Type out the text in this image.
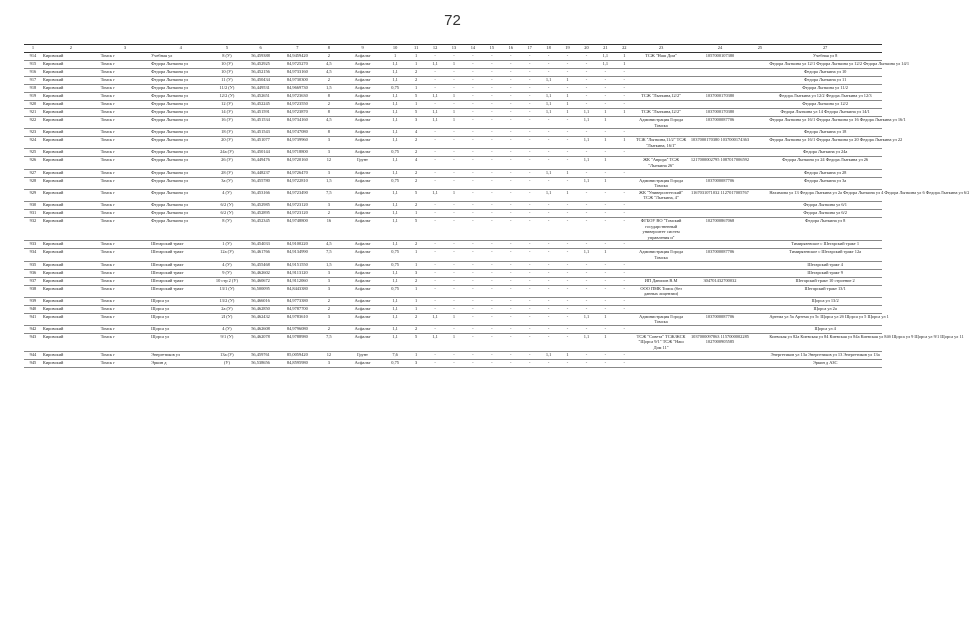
72
1	2	3	4	5	6	7	8	9	10	11	12	13	14	15	16	17	18	19	20	21	22	23	24	25	27
914	Кировский	Томск г	Учебная ул	8 (У)	56,459388	84,9459420	2	Асфальт	1	1	-	-	-	-	-	-	-	-	-	1,1	1	ТСЖ "Наш Дом"	1057000107380		Учебная ул 8
915	Кировский	Томск г	Федора Лыткина ул	10 (У)	56,452925	84,9725270	4,5	Асфальт	1,1	1	1,1	1	-	-	-	-	-	-	-	1,1	1				Федора Лыткина ул 12/1 Федора Лыткина ул 12/2 Федора Лыткина ул 14/1
916	Кировский	Томск г	Федора Лыткина ул	10 (У)	56,452156	84,9733160	4,5	Асфальт	1,1	2	-	-	-	-	-	-	-	-	-	-	-				Федора Лыткина ул 10
917	Кировский	Томск г	Федора Лыткина ул	11 (У)	56,450434	84,9730300	2	Асфальт	1,1	2	-	-	-	-	-	-	1,1	1	-	-	-				Федора Лыткина ул 11
918	Кировский	Томск г	Федора Лыткина ул	11/2 (У)	56,449531	84,9669730	1,5	Асфальт	0,75	1	-	-	-	-	-	-	-	-	-	-	-				Федора Лыткина ул 11/2
919	Кировский	Томск г	Федора Лыткина ул	12/2 (У)	56,452651	84,9723630	8	Асфальт	1,1	5	1,1	1	-	-	-	-	1,1	1	-	-	-	ТСЖ "Лыткина,12/2"	1037000170380		Федора Лыткина ул 12/2 Федора Лыткина ул 12/3
920	Кировский	Томск г	Федора Лыткина ул	12 (У)	56,452245	84,9723550	2	Асфальт	1,1	1	-	-	-	-	-	-	1,1	1	-	-	-				Федора Лыткина ул 12/2
921	Кировский	Томск г	Федора Лыткина ул	14 (У)	56,451591	84,9723870	8	Асфальт	1,1	5	1,1	1	-	-	-	-	1,1	1	1,1	1	1	ТСЖ "Лыткина,12/2"	1037000170380		Федора Лыткина ул 14 Федора Лыткина ул 14/1
922	Кировский	Томск г	Федора Лыткина ул	16 (У)	56,451534	84,9734160	4,5	Асфальт	1,1	3	1,1	1	-	-	-	-	-	-	1,1	1		Администрация Города Томска	1037000087706		Федора Лыткина ул 16/1 Федора Лыткина ул 16 Федора Лыткина ул 16/1
923	Кировский	Томск г	Федора Лыткина ул	18 (У)	56,451543	84,9747080	8	Асфальт	1,1	4	-	-	-	-	-	-	-	-	-	-	-				Федора Лыткина ул 18
924	Кировский	Томск г	Федора Лыткина ул	20 (У)	56,451077	84,9739960	3	Асфальт	1,1	2	-	-	-	-	-	-	-	-	1,1	1	1	ТСЖ "Лыткина,11/2" ТСЖ "Лыткина, 16/1"	1037000170380 1037000174363		Федора Лыткина ул 16/1 Федора Лыткина ул 20 Федора Лыткина ул 22
925	Кировский	Томск г	Федора Лыткина ул	24a (У)	56,450144	84,9718800	3	Асфальт	0,75	2	-	-	-	-	-	-	-	-	-	-	-				Федора Лыткина ул 24a
926	Кировский	Томск г	Федора Лыткина ул	26 (У)	56,449476	84,9720160	12	Грунт	1,1	4	-	-	-	-	-	-	-	-	1,1	1		ЖК "Аврора" ТСЖ "Лыткина 26"	1217000002795 1087017006592		Федора Лыткина ул 24 Федора Лыткина ул 26
927	Кировский	Томск г	Федора Лыткина ул	28 (У)	56,448237	84,9726470	3	Асфальт	1,1	2	-	-	-	-	-	-	1,1	1	-	-	-				Федора Лыткина ул 28
928	Кировский	Томск г	Федора Лыткина ул	3a (У)	56,455780	84,9722810	1,5	Асфальт	0,75	2	-	-	-	-	-	-	-	-	1,1	1		Администрация Города Томска	1037000087706		Федора Лыткина ул 3a
929	Кировский	Томск г	Федора Лыткина ул	4 (У)	56,453166	84,9723490	7,5	Асфальт	1,1	5	1,1	1	-	-	-	-	1,1	1	-	-	-	ЖК "Университетский" ТСЖ "Лыткина, 4"	1167031071032 1127017005767		Нахимова ул 13 Федора Лыткина ул 2a Федора Лыткина ул 4 Федора Лыткина ул 6 Федора Лыткина ул 6/2
930	Кировский	Томск г	Федора Лыткина ул	6/2 (У)	56,452985	84,9723120	3	Асфальт	1,1	2	-	-	-	-	-	-	-	-	-	-	-				Федора Лыткина ул 6/1
931	Кировский	Томск г	Федора Лыткина ул	6/2 (У)	56,452895	84,9723120	2	Асфальт	1,1	1	-	-	-	-	-	-	-	-	-	-	-				Федора Лыткина ул 6/2
932	Кировский	Томск г	Федора Лыткина ул	8 (У)	56,452345	84,9748800	16	Асфальт	1,1	5	-	-	-	-	-	-	-	-	-	-	-	ФГБОУ ВО "Томский государственный университет систем управления и"	1027000867068		Федора Лыткина ул 8
933	Кировский	Томск г	Шегарский тракт	1 (У)	56,454033	84,9100220	4,5	Асфальт	1,1	2	-	-	-	-	-	-	-	-	-	-	-				Тимирязевское с Шегарский тракт 1
934	Кировский	Томск г	Шегарский тракт	12a (У)	56,461766	84,9134990	7,5	Асфальт	0,75	1	-	-	-	-	-	-	-	-	1,1	1		Администрация Города Томска	1037000087706		Тимирязевское с Шегарский тракт 12a
935	Кировский	Томск г	Шегарский тракт	4 (У)	56,455468	84,9151550	1,5	Асфальт	0,75	1	-	-	-	-	-	-	-	-	-	-	-				Шегарский тракт 4
936	Кировский	Томск г	Шегарский тракт	9 (У)	56,462602	84,9113120	3	Асфальт	1,1	3	-	-	-	-	-	-	-	-	-	-	-				Шегарский тракт 9
937	Кировский	Томск г	Шегарский тракт	10 стр 2 (У)	56,460672	84,9112060	3	Асфальт	1,1	2	-	-	-	-	-	-	-	-	-	-	-	ИП Данилов В.М	304701432700032		Шегарский тракт 10 строение 2
938	Кировский	Томск г	Шегарский тракт	13/1 (У)	56,500095	84,8443380	3	Асфальт	0,75	1	-	-	-	-	-	-	-	-	-	-	-	ООО ПМК Томск (без данных лицензии)			Шегарский тракт 13/1
939	Кировский	Томск г	Щорса ул	13/2 (У)	56,466016	84,9773380	2	Асфальт	1,1	1	-	-	-	-	-	-	-	-	-	-	-				Щорса ул 13/2
940	Кировский	Томск г	Щорса ул	2a (У)	56,462850	84,9787700	2	Асфальт	1,1	1	-	-	-	-	-	-	-	-	-	-	-				Щорса ул 2a
941	Кировский	Томск г	Щорса ул	2I (У)	56,462432	84,9783610	3	Асфальт	1,1	2	1,1	1	-	-	-	-	-	-	1,1	1		Администрация Города Томска	1037000087706		Артема ул 5a Артема ул 5c Щорса ул 2б Щорса ул 5 Щорса ул 1
942	Кировский	Томск г	Щорса ул	4 (У)	56,462608	84,9796080	2	Асфальт	1,1	2	-	-	-	-	-	-	-	-	-	-	-				Щорса ул 4
943	Кировский	Томск г	Щорса ул	9/1 (У)	56,462078	84,9788980	7,5	Асфальт	1,1	5	1,1	1	-	-	-	-	-	-	1,1	1		ТСЖ "Совета" ТСЖ/ЖСК "Щорса 9/1" ТСЖ "Наш Дом 11"	1037000097863 1157000002285 1027000905585		Киевская ул 82a Киевская ул 84 Киевская ул 84a Киевская ул 84б Щорса ул 9 Щорса ул 9/1 Щорса ул 11
944	Кировский	Томск г	Энергетиков ул	13a (У)	56,459761	85,0059420	12	Грунт	7,6	1	-	-	-	-	-	-	1,1	1	-	-	-				Энергетиков ул 13a Энергетиков ул 13 Энергетиков ул 13a
945	Кировский	Томск г	Эркин д	(У)	56,538656	84,8595980	3	Асфальт	0,75	3	-	-	-	-	-	-	-	-	-	-	-				Эркин д АЗС
